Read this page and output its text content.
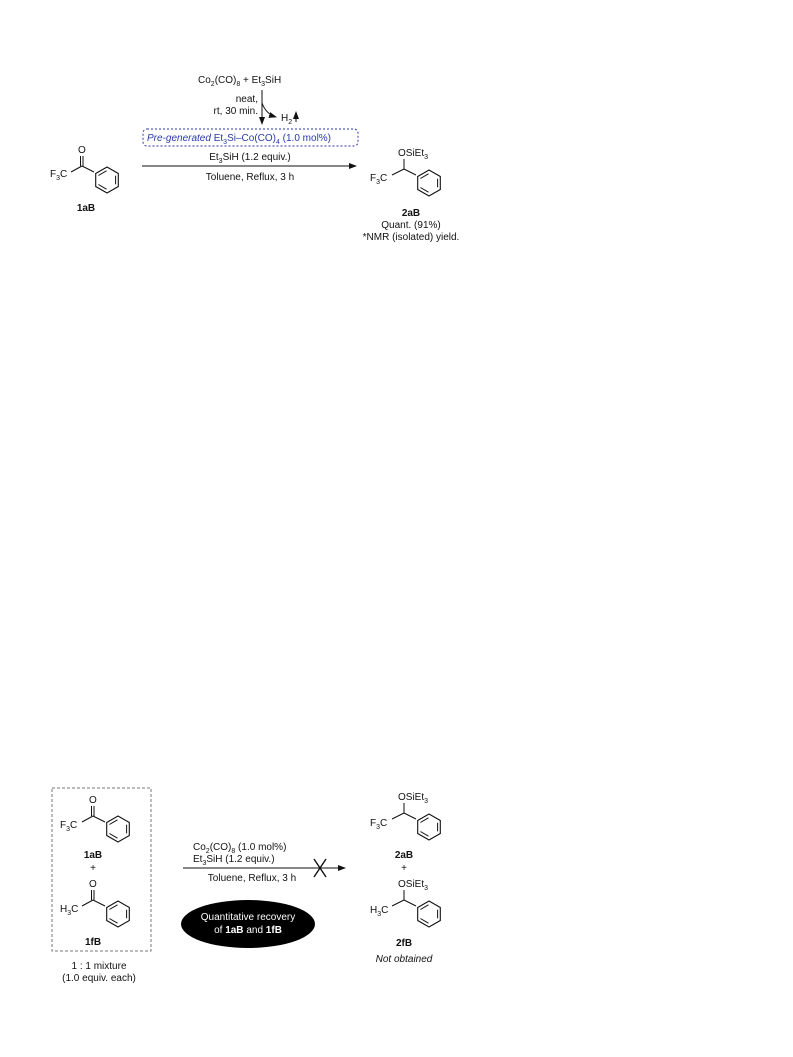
$Co_2(CO)_8 + Et_3SiH$
neat,
rt, 30 min.
$H_2$
Pre-generated $Et_3Si-Co(CO)_4$ (1.0 mol%)
$Et_3SiH$ (1.2 equiv.)
Toluene, Reflux, 3 h
O
$F_3C$
1aB
OSiEt$_3$
$F_3C$
2aB
Quant. (91%)
*NMR (isolated) yield.
O
$F_3C$
1aB
+
O
$H_3C$
1fB
1 : 1 mixture
(1.0 equiv. each)
$Co_2(CO)_8$ (1.0 mol%)
$Et_3SiH$ (1.2 equiv.)
Toluene, Reflux, 3 h
Quantitative recovery
of 1aB and 1fB
OSiEt$_3$
$F_3C$
2aB
+
OSiEt$_3$
$H_3C$
2fB
Not obtained
